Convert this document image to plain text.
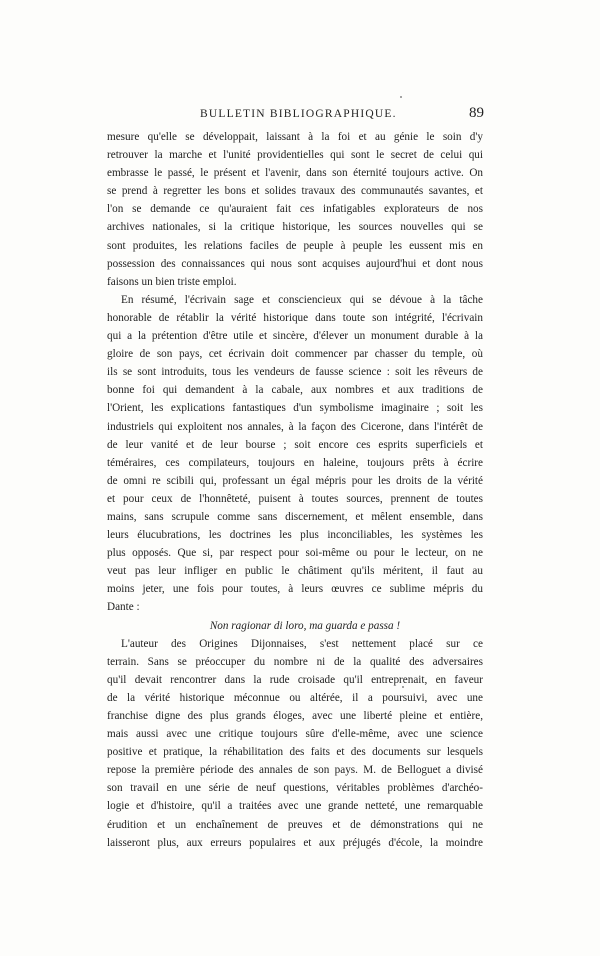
BULLETIN BIBLIOGRAPHIQUE.	89
mesure qu'elle se développait, laissant à la foi et au génie le soin d'y
retrouver la marche et l'unité providentielles qui sont le secret de celui qui
embrasse le passé, le présent et l'avenir, dans son éternité toujours active. On
se prend à regretter les bons et solides travaux des communautés savantes, et
l'on se demande ce qu'auraient fait ces infatigables explorateurs de nos
archives nationales, si la critique historique, les sources nouvelles qui se
sont produites, les relations faciles de peuple à peuple les eussent mis en
possession des connaissances qui nous sont acquises aujourd'hui et dont nous
faisons un bien triste emploi.
En résumé, l'écrivain sage et consciencieux qui se dévoue à la tâche
honorable de rétablir la vérité historique dans toute son intégrité, l'écrivain
qui a la prétention d'être utile et sincère, d'élever un monument durable à la
gloire de son pays, cet écrivain doit commencer par chasser du temple, où
ils se sont introduits, tous les vendeurs de fausse science : soit les rêveurs de
bonne foi qui demandent à la cabale, aux nombres et aux traditions de
l'Orient, les explications fantastiques d'un symbolisme imaginaire ; soit les
industriels qui exploitent nos annales, à la façon des Cicerone, dans l'intérêt de
de leur vanité et de leur bourse ; soit encore ces esprits superficiels et
téméraires, ces compilateurs, toujours en haleine, toujours prêts à écrire
de omni re scibili qui, professant un égal mépris pour les droits de la vérité
et pour ceux de l'honnêteté, puisent à toutes sources, prennent de toutes
mains, sans scrupule comme sans discernement, et mêlent ensemble, dans
leurs élucubrations, les doctrines les plus inconciliables, les systèmes les
plus opposés. Que si, par respect pour soi-même ou pour le lecteur, on ne
veut pas leur infliger en public le châtiment qu'ils méritent, il faut au
moins jeter, une fois pour toutes, à leurs œuvres ce sublime mépris du
Dante :
Non ragionar di loro, ma guarda e passa !
L'auteur des Origines Dijonnaises, s'est nettement placé sur ce
terrain. Sans se préoccuper du nombre ni de la qualité des adversaires
qu'il devait rencontrer dans la rude croisade qu'il entreprenait, en faveur
de la vérité historique méconnue ou altérée, il a poursuivi, avec une
franchise digne des plus grands éloges, avec une liberté pleine et entière,
mais aussi avec une critique toujours sûre d'elle-même, avec une science
positive et pratique, la réhabilitation des faits et des documents sur lesquels
repose la première période des annales de son pays. M. de Belloguet a divisé
son travail en une série de neuf questions, véritables problèmes d'archéo-
logie et d'histoire, qu'il a traitées avec une grande netteté, une remarquable
érudition et un enchaînement de preuves et de démonstrations qui ne
laisseront plus, aux erreurs populaires et aux préjugés d'école, la moindre
